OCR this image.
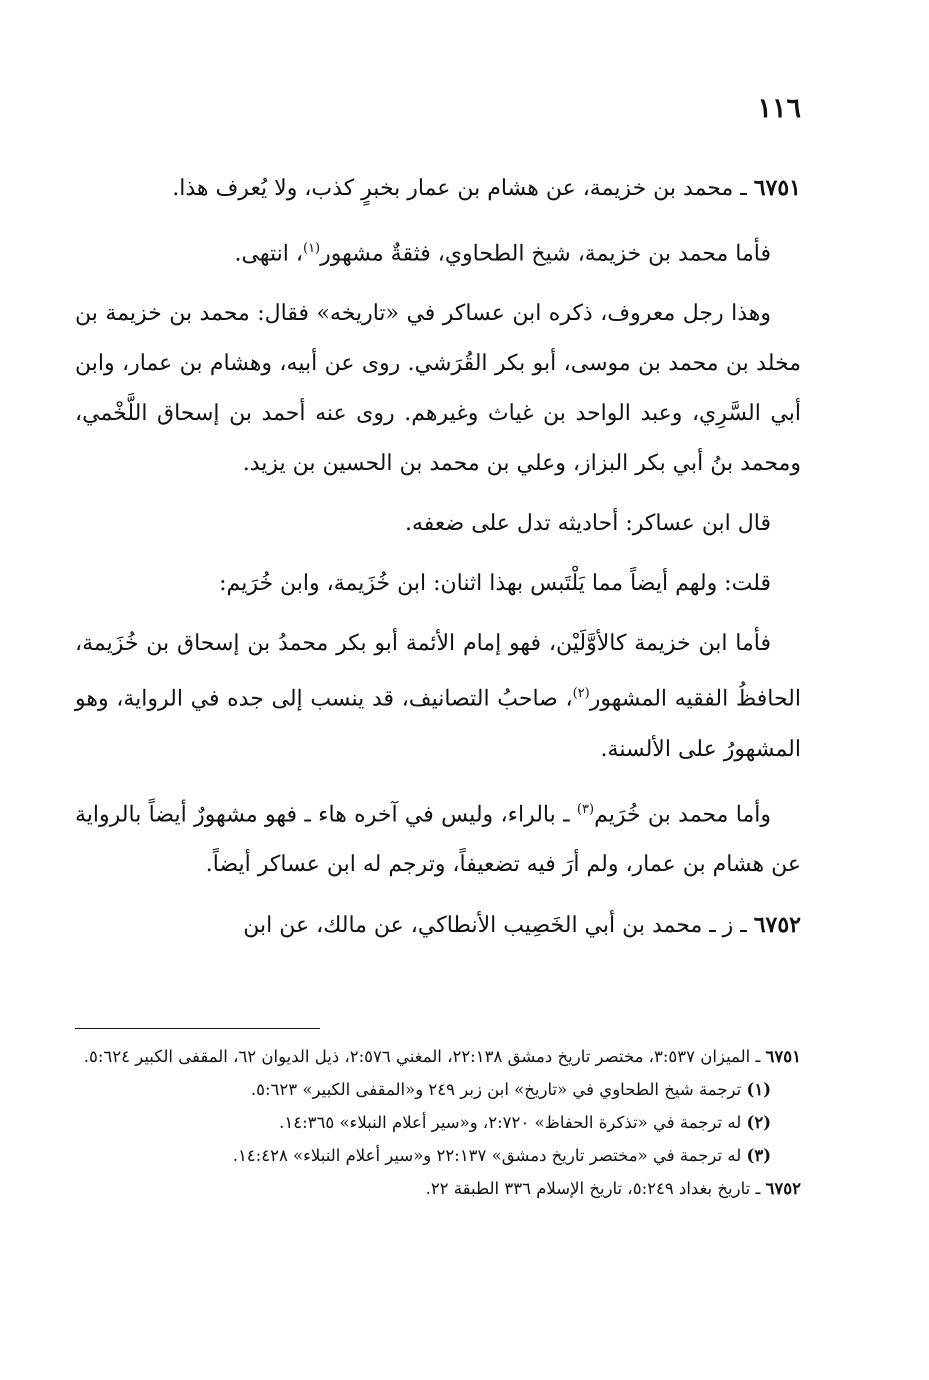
١١٦

٦٧٥١ ـ محمد بن خزيمة، عن هشام بن عمار بخبرٍ كذب، ولا يُعرف هذا.

فأما محمد بن خزيمة، شيخ الطحاوي، فثقةٌ مشهور$^{(١)}$، انتهى.

وهذا رجل معروف، ذكره ابن عساكر في «تاريخه» فقال: محمد بن خزيمة بن مخلد بن محمد بن موسى، أبو بكر القُرَشي. روى عن أبيه، وهشام بن عمار، وابن أبي السَّرِي، وعبد الواحد بن غياث وغيرهم. روى عنه أحمد بن إسحاق اللَّخْمي، ومحمد بنُ أبي بكر البزاز، وعلي بن محمد بن الحسين بن يزيد.

قال ابن عساكر: أحاديثه تدل على ضعفه.

قلت: ولهم أيضاً مما يَلْتَبس بهذا اثنان: ابن خُزَيمة، وابن خُرَيم:

فأما ابن خزيمة كالأوَّلَيْن، فهو إمام الأئمة أبو بكر محمدُ بن إسحاق بن خُزَيمة، الحافظُ الفقيه المشهور$^{(٢)}$، صاحبُ التصانيف، قد ينسب إلى جده في الرواية، وهو المشهورُ على الألسنة.

وأما محمد بن خُرَيم$^{(٣)}$ ـ بالراء، وليس في آخره هاء ـ فهو مشهورٌ أيضاً بالرواية عن هشام بن عمار، ولم أرَ فيه تضعيفاً، وترجم له ابن عساكر أيضاً.

٦٧٥٢ ـ ز ـ محمد بن أبي الخَصِيب الأنطاكي، عن مالك، عن ابن

٦٧٥١ ـ الميزان ٣:٥٣٧، مختصر تاريخ دمشق ٢٢:١٣٨، المغني ٢:٥٧٦، ذيل الديوان ٦٢، المقفى الكبير ٥:٦٢٤.

(١) ترجمة شيخ الطحاوي في «تاريخ» ابن زبر ٢٤٩ و«المقفى الكبير» ٥:٦٢٣.

(٢) له ترجمة في «تذكرة الحفاظ» ٢:٧٢٠، و«سير أعلام النبلاء» ١٤:٣٦٥.

(٣) له ترجمة في «مختصر تاريخ دمشق» ٢٢:١٣٧ و«سير أعلام النبلاء» ١٤:٤٢٨.

٦٧٥٢ ـ تاريخ بغداد ٥:٢٤٩، تاريخ الإسلام ٣٣٦ الطبقة ٢٢.
